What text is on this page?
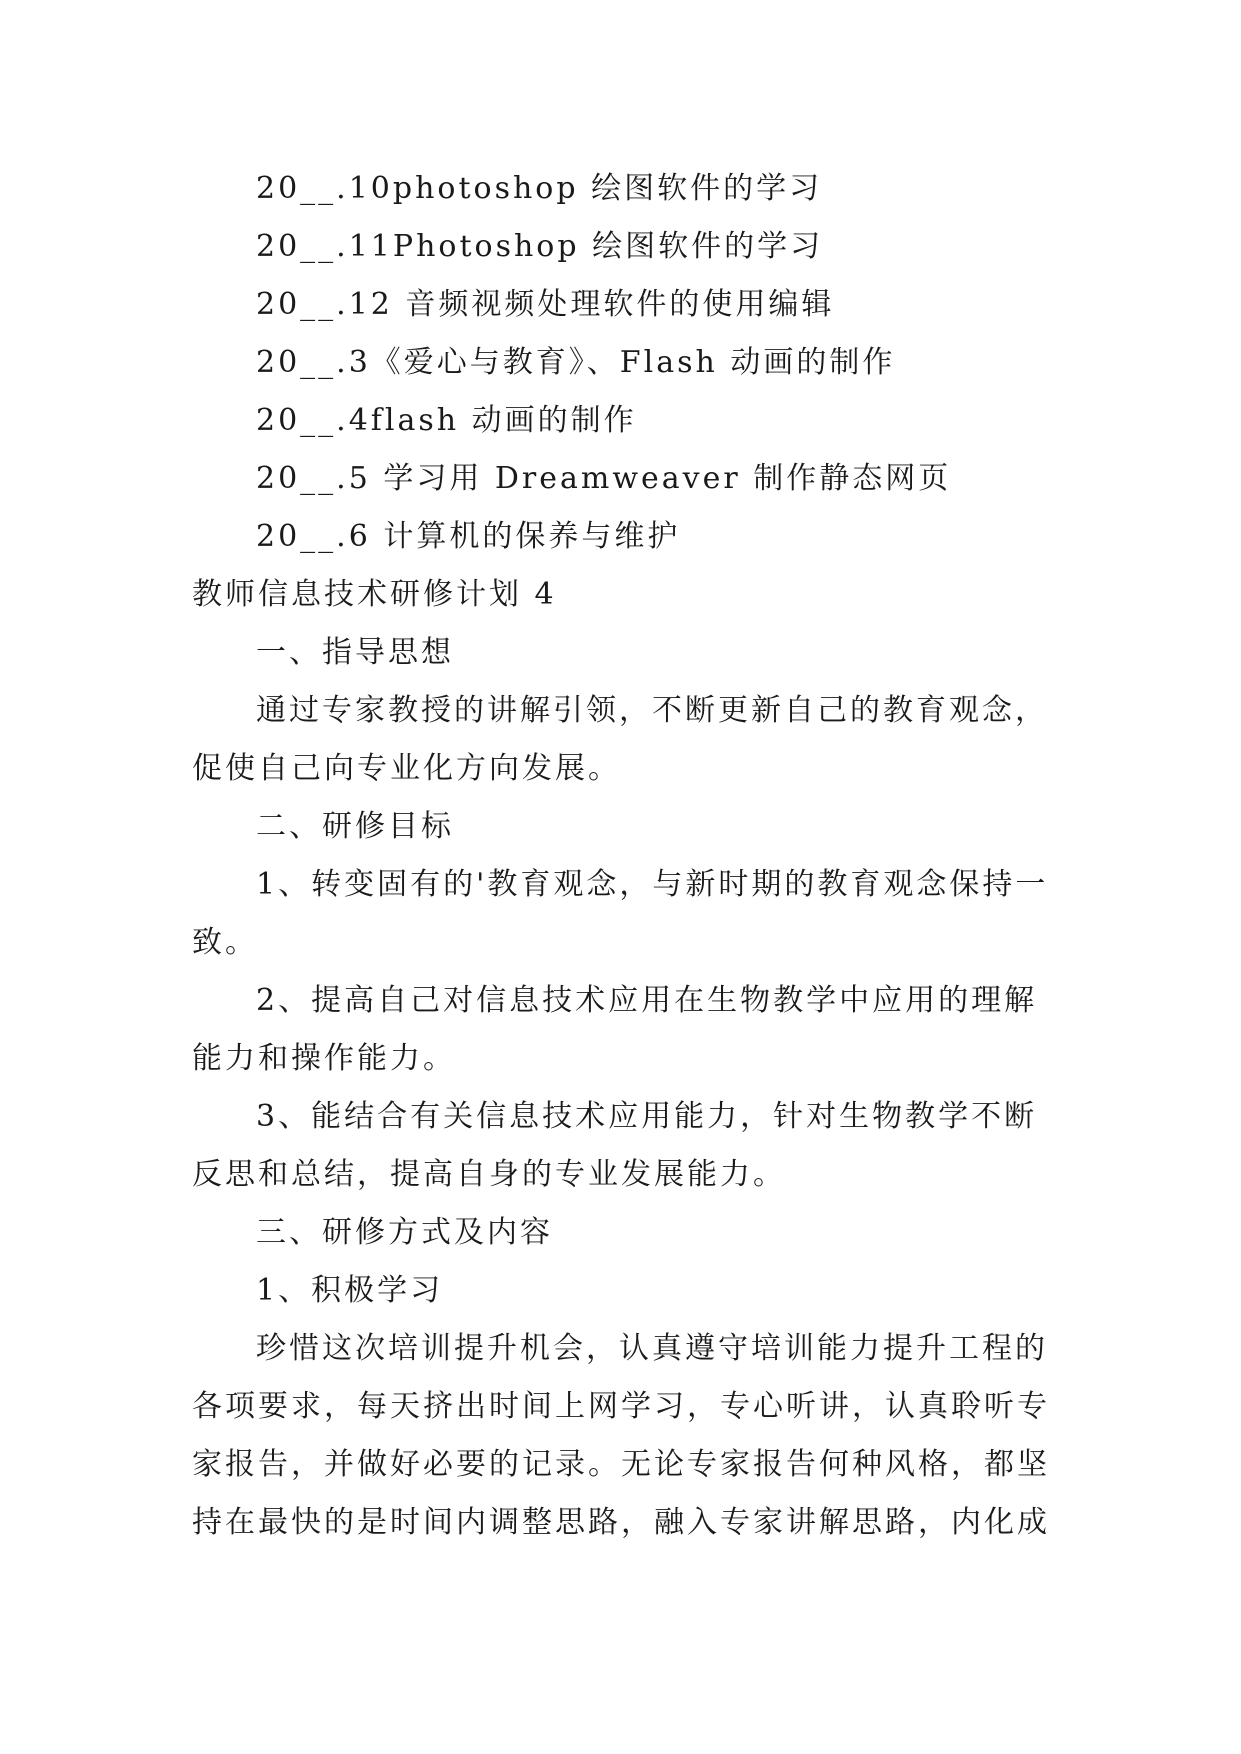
20__.10photoshop 绘图软件的学习

20__.11Photoshop 绘图软件的学习

20__.12 音频视频处理软件的使用编辑

20__.3《爱心与教育》、Flash 动画的制作

20__.4flash 动画的制作

20__.5 学习用 Dreamweaver 制作静态网页

20__.6 计算机的保养与维护

教师信息技术研修计划 4

一、指导思想

通过专家教授的讲解引领，不断更新自己的教育观念，

促使自己向专业化方向发展。

二、研修目标

1、转变固有的'教育观念，与新时期的教育观念保持一

致。

2、提高自己对信息技术应用在生物教学中应用的理解

能力和操作能力。

3、能结合有关信息技术应用能力，针对生物教学不断

反思和总结，提高自身的专业发展能力。

三、研修方式及内容

1、积极学习

珍惜这次培训提升机会，认真遵守培训能力提升工程的

各项要求，每天挤出时间上网学习，专心听讲，认真聆听专

家报告，并做好必要的记录。无论专家报告何种风格，都坚

持在最快的是时间内调整思路，融入专家讲解思路，内化成
